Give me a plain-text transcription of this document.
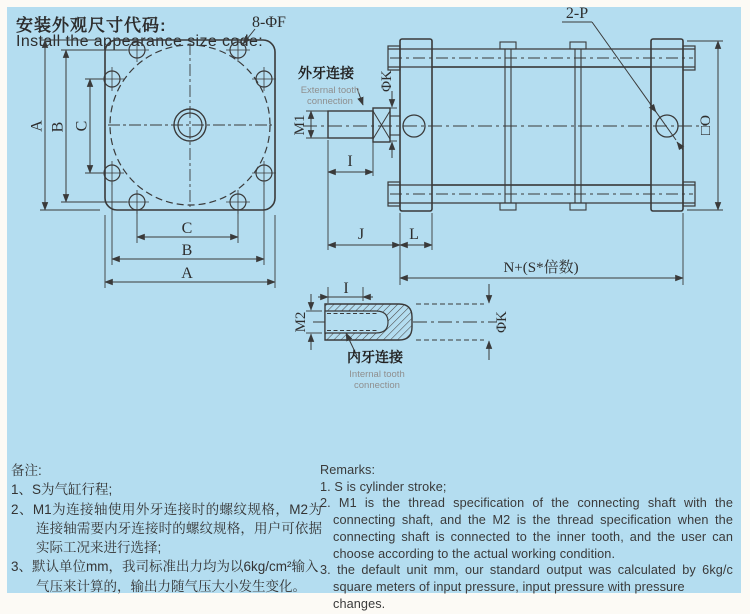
安装外观尺寸代码:
Install the appearance size code:
8-ΦF
A B C
C
B
A
2-P
外牙连接
External tooth
connection
M1
ΦK
I
J	L
N+(S*倍数)
□O
I
M2	ΦK
内牙连接
Internal tooth
connection
备注:
1、S为气缸行程;
2、M1为连接轴使用外牙连接时的螺纹规格，M2为
连接轴需要内牙连接时的螺纹规格，用户可依据
实际工况来进行选择;
3、默认单位mm，我司标准出力均为以6kg/cm²输入
气压来计算的，输出力随气压大小发生变化。
Remarks:
1. S is cylinder stroke;
2. M1 is the thread specification of the connecting shaft with the
connecting shaft, and the M2 is the thread specification when the
connecting shaft is connected to the inner tooth, and the user can
choose according to the actual working condition.
3. the default unit mm, our standard output was calculated by 6kg/c
square meters of input pressure, input pressure with pressure changes.
